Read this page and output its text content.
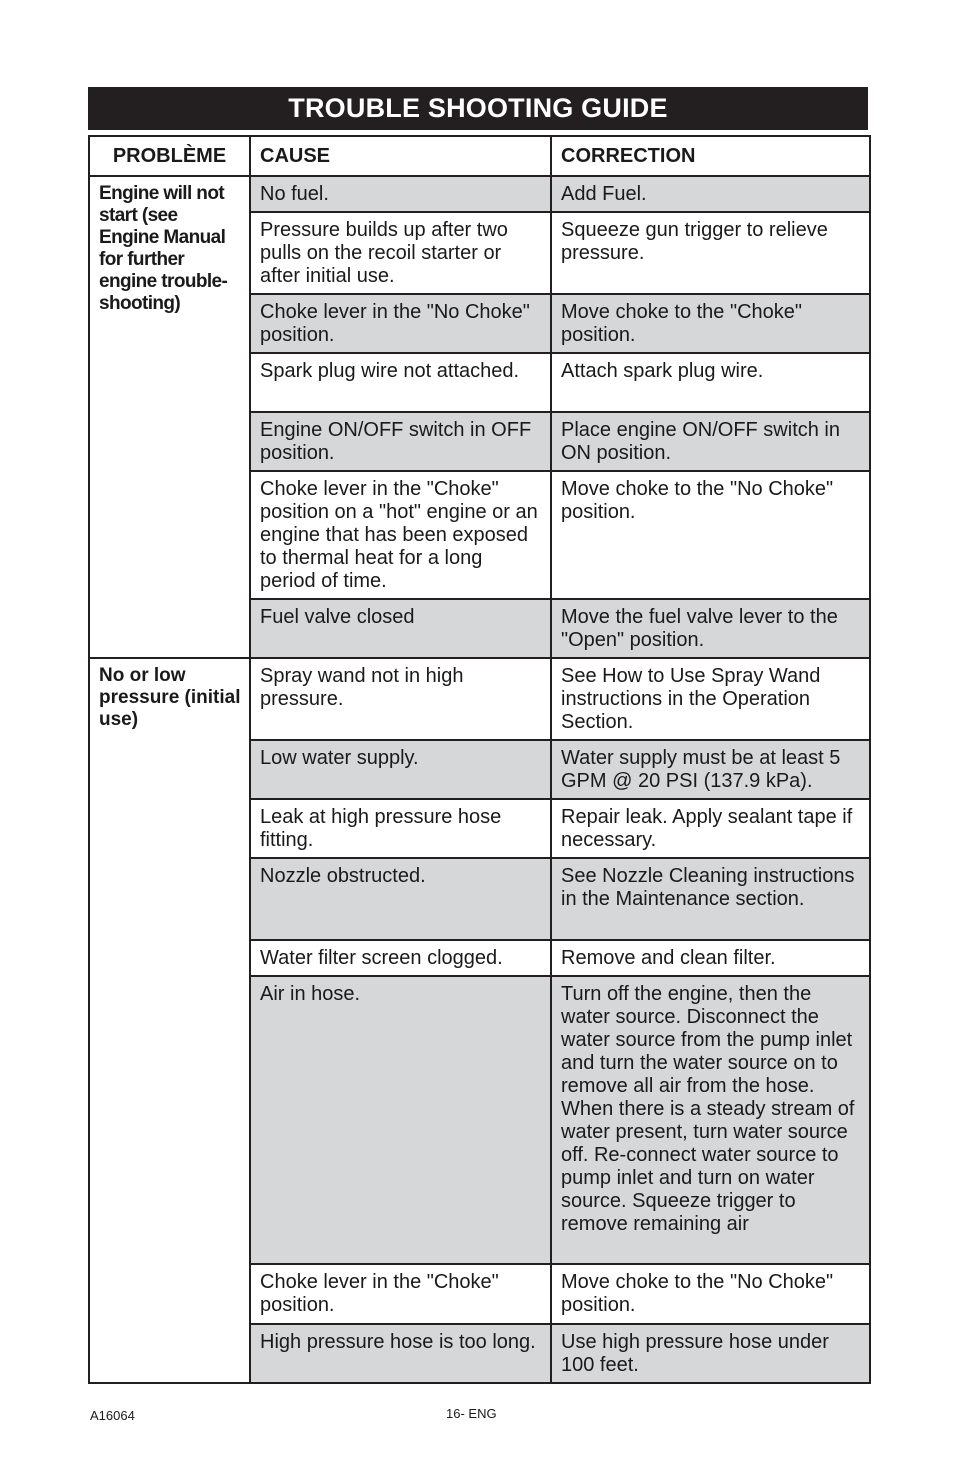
TROUBLE SHOOTING GUIDE
PROBLÈME	CAUSE	CORRECTION
Engine will not start (see Engine Manual for further engine trouble-shooting)	No fuel.	Add Fuel.
	Pressure builds up after two pulls on the recoil starter or after initial use.	Squeeze gun trigger to relieve pressure.
	Choke lever in the "No Choke" position.	Move choke to the "Choke" position.
	Spark plug wire not attached.	Attach spark plug wire.
	Engine ON/OFF switch in OFF position.	Place engine ON/OFF switch in ON position.
	Choke lever in the "Choke" position on a "hot" engine or an engine that has been exposed to thermal heat for a long period of time.	Move choke to the "No Choke" position.
	Fuel valve closed	Move the fuel valve lever to the "Open" position.
No or low pressure (initial use)	Spray wand not in high pressure.	See How to Use Spray Wand instructions in the Operation Section.
	Low water supply.	Water supply must be at least 5 GPM @ 20 PSI (137.9 kPa).
	Leak at high pressure hose fitting.	Repair leak. Apply sealant tape if necessary.
	Nozzle obstructed.	See Nozzle Cleaning instructions in the Maintenance section.
	Water filter screen clogged.	Remove and clean filter.
	Air in hose.	Turn off the engine, then the water source. Disconnect the water source from the pump inlet and turn the water source on to remove all air from the hose. When there is a steady stream of water present, turn water source off. Re-connect water source to pump inlet and turn on water source. Squeeze trigger to remove remaining air
	Choke lever in the "Choke" position.	Move choke to the "No Choke" position.
	High pressure hose is too long.	Use high pressure hose under 100 feet.
A16064	16- ENG
